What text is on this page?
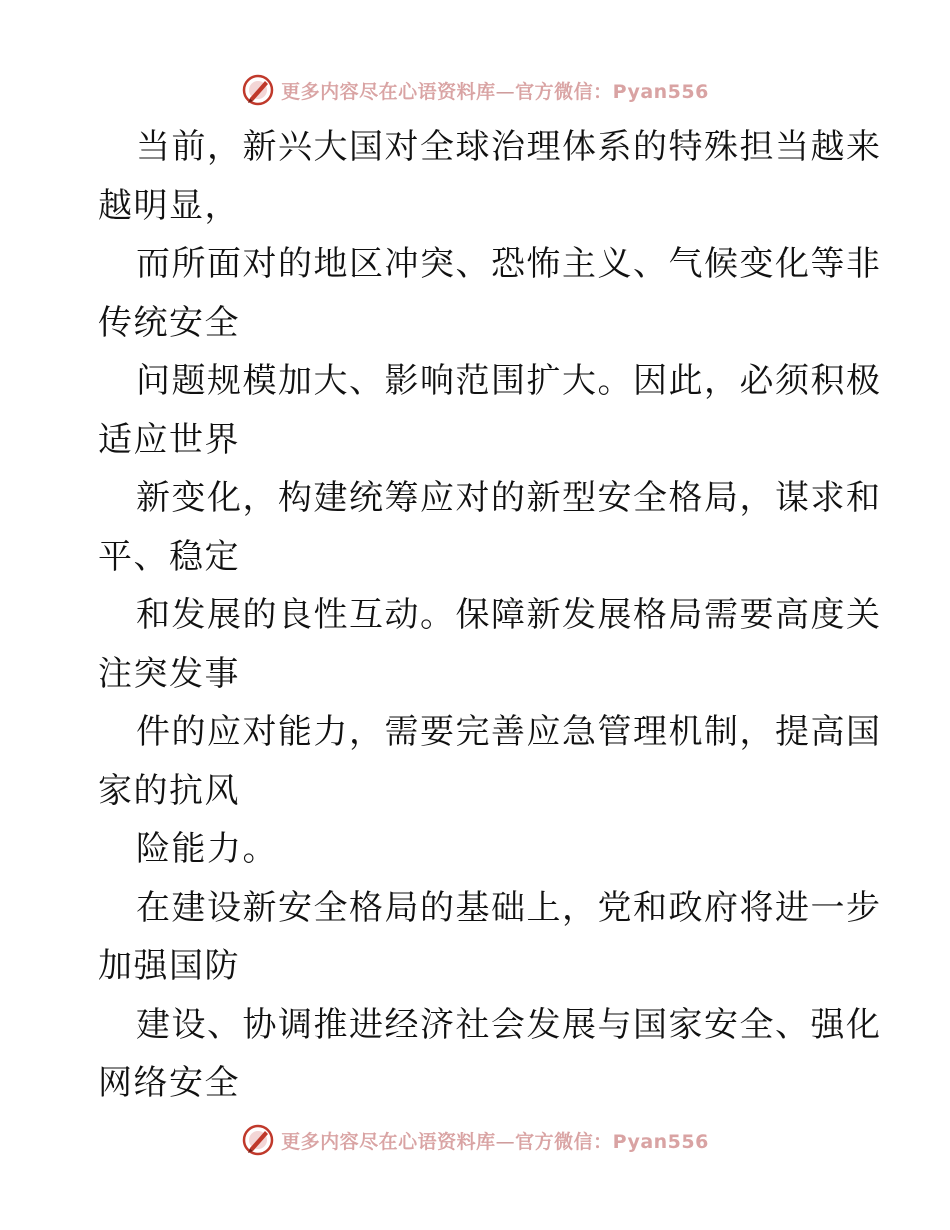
更多内容尽在心语资料库—官方微信：Pyan556
当前，新兴大国对全球治理体系的特殊担当越来
越明显，
而所面对的地区冲突、恐怖主义、气候变化等非
传统安全
问题规模加大、影响范围扩大。因此，必须积极
适应世界
新变化，构建统筹应对的新型安全格局，谋求和
平、稳定
和发展的良性互动。保障新发展格局需要高度关
注突发事
件的应对能力，需要完善应急管理机制，提高国
家的抗风
险能力。
在建设新安全格局的基础上，党和政府将进一步
加强国防
建设、协调推进经济社会发展与国家安全、强化
网络安全
更多内容尽在心语资料库—官方微信：Pyan556
